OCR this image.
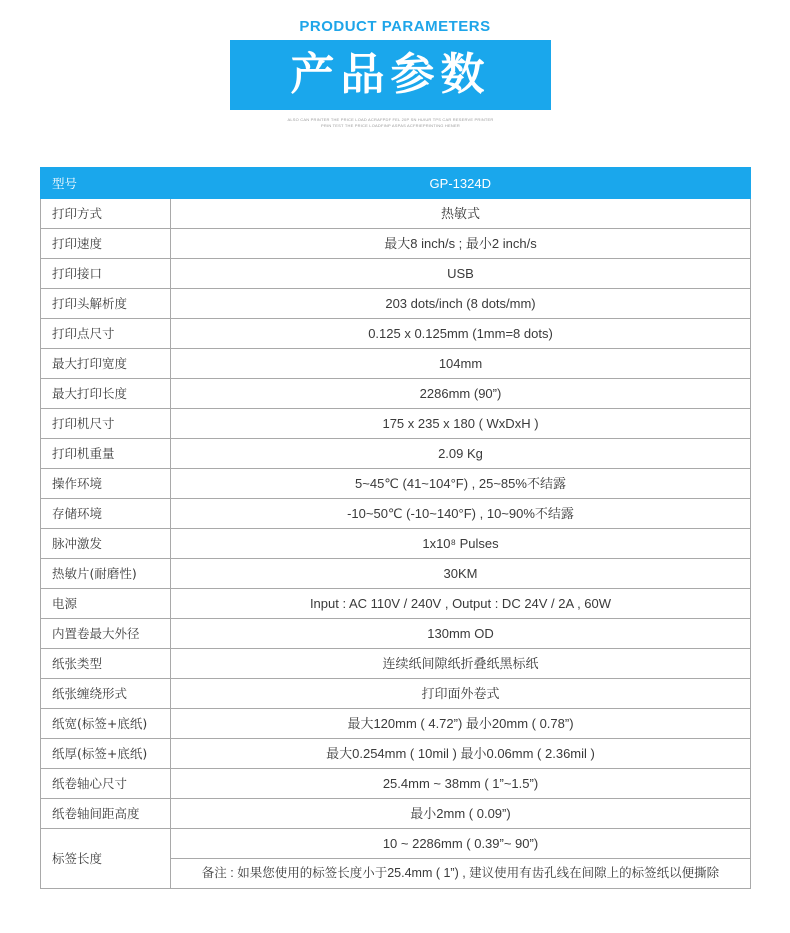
PRODUCT PARAMETERS
产品参数
ALSO CAN PRINTER THE PRICE LOAD ACRAFPDF FEL 20P SN HUIUR TPS CAR RESERVE PRINTER
PRIN TEST THE PRICE LOADFINP ASPAS ACFRIEPRINTING HENER
型号	GP-1324D
打印方式	热敏式
打印速度	最大8 inch/s ; 最小2 inch/s
打印接口	USB
打印头解析度	203 dots/inch (8 dots/mm)
打印点尺寸	0.125 x 0.125mm (1mm=8 dots)
最大打印宽度	104mm
最大打印长度	2286mm (90”)
打印机尺寸	175 x 235 x 180 ( WxDxH )
打印机重量	2.09 Kg
操作环境	5~45℃ (41~104°F) , 25~85%不结露
存储环境	-10~50℃ (-10~140°F) , 10~90%不结露
脉冲激发	1x10⁸ Pulses
热敏片(耐磨性)	30KM
电源	Input : AC 110V / 240V , Output : DC 24V / 2A , 60W
内置卷最大外径	130mm OD
纸张类型	连续纸间隙纸折叠纸黑标纸
纸张缠绕形式	打印面外卷式
纸宽(标签+底纸)	最大120mm ( 4.72”) 最小20mm ( 0.78”)
纸厚(标签+底纸)	最大0.254mm ( 10mil ) 最小0.06mm ( 2.36mil )
纸卷轴心尺寸	25.4mm ~ 38mm ( 1”~1.5”)
纸卷轴间距高度	最小2mm ( 0.09”)
标签长度	10 ~ 2286mm ( 0.39”~ 90”)
	备注 : 如果您使用的标签长度小于25.4mm ( 1”) , 建议使用有齿孔线在间隙上的标签纸以便撕除
